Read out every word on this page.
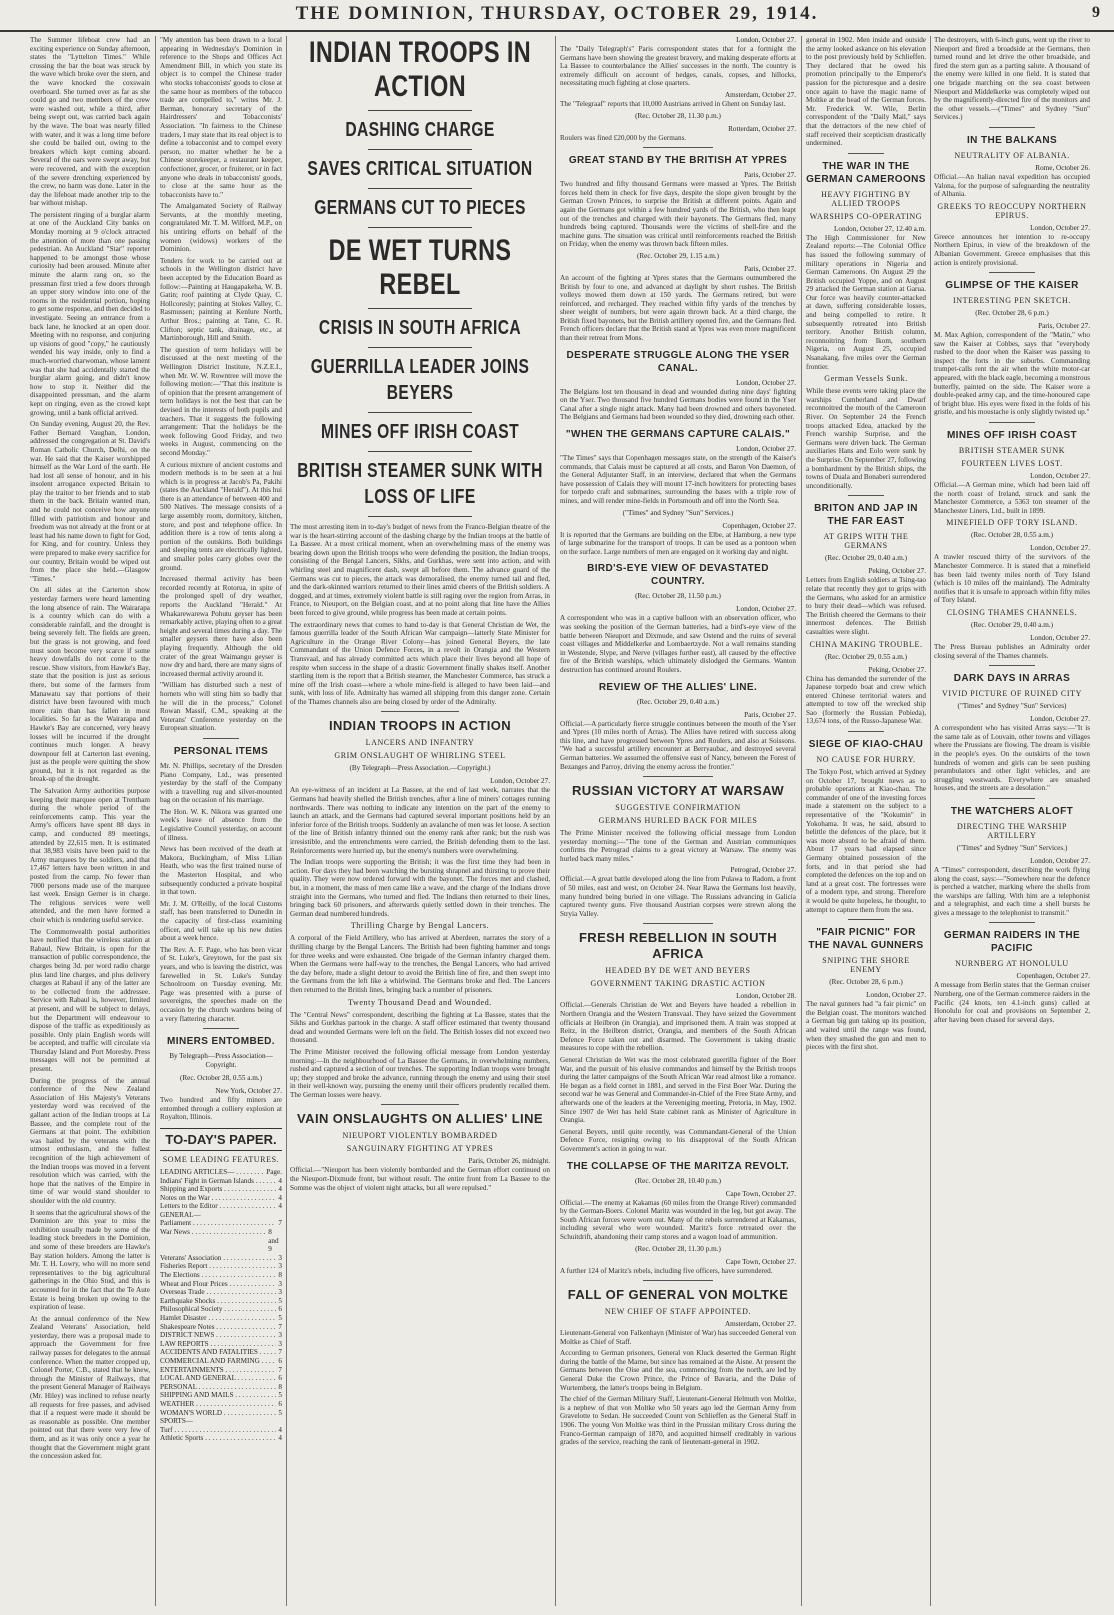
THE DOMINION, THURSDAY, OCTOBER 29, 1914.	9

The Summer lifeboat crew had an exciting experience on Sunday afternoon, states the "Lyttelton Times." While crossing the bar the boat was struck by the wave which broke over the stern, and the wave knocked the coxswain overboard. She turned over as far as she could go and two members of the crew were washed out, while a third, after being swept out, was carried back again by the wave. The boat was nearly filled with water, and it was a long time before she could be bailed out, owing to the breakers which kept coming aboard. Several of the oars were swept away, but were recovered, and with the exception of the severe drenching experienced by the crew, no harm was done. Later in the day the lifeboat made another trip to the bar without mishap.

The persistent ringing of a burglar alarm at one of the Auckland City banks on Monday morning at 9 o'clock attracted the attention of more than one passing pedestrian. An Auckland "Star" reporter happened to be amongst those whose curiosity had been aroused. Minute after minute the alarm rang on, so the pressman first tried a few doors through an upper story window into one of the rooms in the residential portion, hoping to get some response, and then decided to investigate. Seeing an entrance from a back lane, he knocked at an open door. Meeting with no response, and conjuring up visions of good "copy," he cautiously wended his way inside, only to find a much-worried charwoman, whose lament was that she had accidentally started the burglar alarm going, and didn't know how to stop it. Neither did the disappointed pressman, and the alarm kept on ringing, even as the crowd kept growing, until a bank official arrived.

On Sunday evening, August 20, the Rev. Father Bernard Vaughan, London, addressed the congregation at St. David's Roman Catholic Church, Delhi, on the war. He said that the Kaiser worshipped himself as the War Lord of the earth. He had lost all sense of honour, and in his insolent arrogance expected Britain to play the traitor to her friends and to stab them in the back. Britain wanted man, and he could not conceive how anyone filled with patriotism and honour and freedom was not already at the front or at least had his name down to fight for God, for King, and for country. Unless they were prepared to make every sacrifice for our country, Britain would be wiped out from the place she held.—Glasgow "Times."

On all sides at the Carterton show yesterday farmers were heard lamenting the long absence of rain. The Wairarapa is a country which can do with a considerable rainfall, and the drought is being severely felt. The fields are green, but the grass is not growing, and feed must soon become very scarce if some heavy downfalls do not come to the rescue. Show visitors, from Hawke's Bay, state that the position is just as serious there, but some of the farmers from Manawatu say that portions of their district have been favoured with much more rain than has fallen in most localities. So far as the Wairarapa and Hawke's Bay are concerned, very heavy losses will be incurred if the drought continues much longer. A heavy downpour fell at Carterton last evening, just as the people were quitting the show ground, but it is not regarded as the break-up of the drought.

The Salvation Army authorities purpose keeping their marquee open at Trentham during the whole period of the reinforcements camp. This year the Army's officers have spent 88 days in camp, and conducted 89 meetings, attended by 22,615 men. It is estimated that 38,983 visits have been paid to the Army marquees by the soldiers, and that 17,467 letters have been written in and posted from the camp. No fewer than 7000 persons made use of the marquee last week. Ensign Gerner is in charge. The religious services were well attended, and the men have formed a choir which is rendering useful service.

The Commonwealth postal authorities have notified that the wireless station at Rabaul, New Britain, is open for the transaction of public correspondence, the charges being 3d. per word radio charge plus land line charges, and plus delivery charges at Rabaul if any of the latter are to be collected from the addressee. Service with Rabaul is, however, limited at present, and will be subject to delays, but the Department will endeavour to dispose of the traffic as expeditiously as possible. Only plain English words will be accepted, and traffic will circulate via Thursday Island and Port Moresby. Press messages will not be permitted at present.

During the progress of the annual conference of the New Zealand Association of His Majesty's Veterans yesterday word was received of the gallant action of the Indian troops at La Bassee, and the complete rout of the Germans at that point. The exhibition was hailed by the veterans with the utmost enthusiasm, and the fullest recognition of the high achievement of the Indian troops was moved in a fervent resolution which was carried, with the hope that the natives of the Empire in time of war would stand shoulder to shoulder with the old country.

It seems that the agricultural shows of the Dominion are this year to miss the exhibition usually made by some of the leading stock breeders in the Dominion, and some of these breeders are Hawke's Bay station holders. Among the latter is Mr. T. H. Lowry, who will no more send representatives to the big agricultural gatherings in the Ohio Stud, and this is accounted for in the fact that the Te Aute Estate is being broken up owing to the expiration of lease.

At the annual conference of the New Zealand Veterans' Association, held yesterday, there was a proposal made to approach the Government for free railway passes for delegates to the annual conference. When the matter cropped up, Colonel Porter, C.B., stated that he knew, through the Minister of Railways, that the present General Manager of Railways (Mr. Hiley) was inclined to refuse nearly all requests for free passes, and advised that if a request were made it should be as reasonable as possible. One member pointed out that there were very few of them, and as it was only once a year he thought that the Government might grant the concession asked for.

"My attention has been drawn to a local appearing in Wednesday's Dominion in reference to the Shops and Offices Act Amendment Bill, in which you state its object is to compel the Chinese trader who stocks tobacconists' goods to close at the same hour as members of the tobacco trade are compelled to," writes Mr. J. Berman, honorary secretary of the Hairdressers' and Tobacconists' Association. "In fairness to the Chinese traders, I may state that its real object is to define a tobacconist and to compel every person, no matter whether he be a Chinese storekeeper, a restaurant keeper, confectioner, grocer, or fruiterer, or in fact anyone who deals in tobacconists' goods, to close at the same hour as the tobacconists have to."

The Amalgamated Society of Railway Servants, at the monthly meeting, congratulated Mr. T. M. Wilford, M.P., on his untiring efforts on behalf of the women (widows) workers of the Dominion.

Tenders for work to be carried out at schools in the Wellington district have been accepted by the Education Board as follow:—Painting at Haugapakeha, W. B. Gatin; roof painting at Clyde Quay, C. Hollcoresly; painting at Stokes Valley, C. Rasmussen; painting at Kenlure North, Arthur Bros.; painting at Tane, C. R. Clifton; septic tank, drainage, etc., at Martinborough, Hill and Smith.

The question of term holidays will be discussed at the next meeting of the Wellington District Institute, N.Z.E.I., when Mr. W. W. Rowntree will move the following motion:—"That this institute is of opinion that the present arrangement of term holidays is not the best that can be devised in the interests of both pupils and teachers. That it suggests the following arrangement: That the holidays be the week following Good Friday, and two weeks in August, commencing on the second Monday."

A curious mixture of ancient customs and modern methods is to be seen at a hui which is in progress at Jacob's Pa, Pakihi (states the Auckland "Herald"). At this hui there is an attendance of between 400 and 500 Natives. The message consists of a large assembly room, dormitory, kitchen, store, and post and telephone office. In addition there is a row of tents along a portion of the outskirts. Both buildings and sleeping tents are electrically lighted, and smaller poles carry globes over the ground.

Increased thermal activity has been recorded recently at Rotorua, in spite of the prolonged spell of dry weather, reports the Auckland "Herald." At Whakarewarewa Pohutu geyser has been remarkably active, playing often to a great height and several times during a day. The smaller geysers there have also been playing frequently. Although the old crater of the great Waimangu geyser is now dry and hard, there are many signs of increased thermal activity around it.

"William has disturbed such a nest of hornets who will sting him so badly that he will die in the process," Colonel Rowan Massif, C.M., speaking at the Veterans' Conference yesterday on the European situation.

PERSONAL ITEMS

Mr. N. Phillips, secretary of the Dresden Piano Company, Ltd., was presented yesterday by the staff of the Company with a travelling rug and silver-mounted bag on the occasion of his marriage.

The Hon. W. K. Nikora was granted one week's leave of absence from the Legislative Council yesterday, on account of illness.

News has been received of the death at Makora, Buckingham, of Miss Lilian Heath, who was the first trained nurse of the Masterton Hospital, and who subsequently conducted a private hospital in that town.

Mr. J. M. O'Reilly, of the local Customs staff, has been transferred to Dunedin in the capacity of first-class examining officer, and will take up his new duties about a week hence.

The Rev. A. F. Page, who has been vicar of St. Luke's, Greytown, for the past six years, and who is leaving the district, was farewelled in St. Luke's Sunday Schoolroom on Tuesday evening. Mr. Page was presented with a purse of sovereigns, the speeches made on the occasion by the church wardens being of a very flattering character.

MINERS ENTOMBED.

By Telegraph—Press Association—Copyright.

(Rec. October 28, 0.55 a.m.)

New York, October 27.

Two hundred and fifty miners are entombed through a colliery explosion at Royalton, Illinois.

TO-DAY'S PAPER.
SOME LEADING FEATURES.
LEADING ARTICLES— . . .	Page.
Indians' Fight in German Islands . . .	4
Shipping and Exports . . .	4
Notes on the War . . .	4
Letters to the Editor . . .	4
GENERAL—
Parliament . . .	7
War News . . .	8 and 9
Veterans' Association . . .	3
Fisheries Report . . .	3
The Elections . . .	8
Wheat and Flour Prices . . .	3
Overseas Trade . . .	3
Earthquake Shocks . . .	5
Philosophical Society . . .	6
Hamlet Disaster . . .	5
Shakespeare Notes . . .	7
DISTRICT NEWS . . .	3
LAW REPORTS . . .	3
ACCIDENTS AND FATALITIES . . .	7
COMMERCIAL AND FARMING . . .	6
ENTERTAINMENTS . . .	7
LOCAL AND GENERAL . . .	6
PERSONAL . . .	8
SHIPPING AND MAILS . . .	5
WEATHER . . .	6
WOMAN'S WORLD . . .	5
SPORTS—
Turf . . .	4
Athletic Sports . . .	4
INDIAN TROOPS IN ACTION
DASHING CHARGE
SAVES CRITICAL SITUATION
GERMANS CUT TO PIECES
DE WET TURNS REBEL
CRISIS IN SOUTH AFRICA
GUERRILLA LEADER JOINS BEYERS
MINES OFF IRISH COAST
BRITISH STEAMER SUNK WITH LOSS OF LIFE

The most arresting item in to-day's budget of news from the Franco-Belgian theatre of the war is the heart-stirring account of the dashing charge by the Indian troops at the battle of La Bassee. At a most critical moment, when an overwhelming mass of the enemy was bearing down upon the British troops who were defending the position, the Indian troops, consisting of the Bengal Lancers, Sikhs, and Gurkhas, were sent into action, and with whirling steel and magnificent dash, swept all before them. The advance guard of the Germans was cut to pieces, the attack was demoralised, the enemy turned tail and fled, and the dark-skinned warriors returned to their lines amid cheers of the British soldiers. A dogged, and at times, extremely violent battle is still raging over the region from Arras, in France, to Nieuport, on the Belgian coast, and at no point along that line have the Allies been forced to give ground, while progress has been made at certain points.

The extraordinary news that comes to hand to-day is that General Christian de Wet, the famous guerrilla leader of the South African War campaign—latterly State Minister for Agriculture in the Orange River Colony—has joined General Beyers, the late Commandant of the Union Defence Forces, in a revolt in Orangia and the Western Transvaal, and has already committed acts which place their lives beyond all hope of respite when success in the shape of a drastic Government finally shakes itself. Another startling item is the report that a British steamer, the Manchester Commerce, has struck a mine off the Irish coast—where a whole mine-field is alleged to have been laid—and sunk, with loss of life. Admiralty has warned all shipping from this danger zone. Certain of the Thames channels also are being closed by order of the Admiralty.

INDIAN TROOPS IN ACTION
LANCERS AND INFANTRY
GRIM ONSLAUGHT OF WHIRLING STEEL

(By Telegraph—Press Association.—Copyright.)

London, October 27.

An eye-witness of an incident at La Bassee, at the end of last week, narrates that the Germans had heavily shelled the British trenches, after a line of miners' cottages running northwards. There was nothing to indicate any intention on the part of the enemy to launch an attack, and the Germans had captured several important positions held by an inferior force of the British troops. Suddenly an avalanche of men was let loose. A section of the line of British infantry thinned out the enemy rank after rank; but the rush was irresistible, and the entrenchments were carried, the British defending them to the last. Reinforcements were hurried up, but the enemy's numbers were overwhelming.

The Indian troops were supporting the British; it was the first time they had been in action. For days they had been watching the bursting shrapnel and thirsting to prove their quality. They were now ordered forward with the bayonet. The forces met and clashed, but, in a moment, the mass of men came like a wave, and the charge of the Indians drove straight into the Germans, who turned and fled. The Indians then returned to their lines, bringing back 60 prisoners, and afterwards quietly settled down in their trenches. The German dead numbered hundreds.

Thrilling Charge by Bengal Lancers.

A corporal of the Field Artillery, who has arrived at Aberdeen, narrates the story of a thrilling charge by the Bengal Lancers. The British had been fighting hammer and tongs for three weeks and were exhausted. One brigade of the German infantry charged them. When the Germans were half-way to the trenches, the Bengal Lancers, who had arrived the day before, made a slight detour to avoid the British line of fire, and then swept into the Germans from the left like a whirlwind. The Germans broke and fled. The Lancers then returned to the British lines, bringing back a number of prisoners.

Twenty Thousand Dead and Wounded.

The "Central News" correspondent, describing the fighting at La Bassee, states that the Sikhs and Gurkhas partook in the charge. A staff officer estimated that twenty thousand dead and wounded Germans were left on the field. The British losses did not exceed two thousand.

The Prime Minister received the following official message from London yesterday morning:—In the neighbourhood of La Bassee the Germans, in overwhelming numbers, rushed and captured a section of our trenches. The supporting Indian troops were brought up; they stopped and broke the advance, running through the enemy and using their steel in their well-known way, pursuing the enemy until their officers prudently recalled them. The German losses were heavy.

VAIN ONSLAUGHTS ON ALLIES' LINE
NIEUPORT VIOLENTLY BOMBARDED
SANGUINARY FIGHTING AT YPRES

Paris, October 26, midnight.

Official.—"Nieuport has been violently bombarded and the German effort continued on the Nieuport-Dixmude front, but without result. The entire front from La Bassee to the Somme was the object of violent night attacks, but all were repulsed."

London, October 27.

The "Daily Telegraph's" Paris correspondent states that for a fortnight the Germans have been showing the greatest bravery, and making desperate efforts at La Bassee to counterbalance the Allies' successes in the north. The country is extremely difficult on account of hedges, canals, copses, and hillocks, necessitating much fighting at close quarters.

Amsterdam, October 27.

The "Telegraaf" reports that 10,000 Austrians arrived in Ghent on Sunday last.

(Rec. October 28, 11.30 p.m.)

Rotterdam, October 27.

Roulers was fined £20,000 by the Germans.

GREAT STAND BY THE BRITISH AT YPRES

Paris, October 27.

Two hundred and fifty thousand Germans were massed at Ypres. The British forces held them in check for five days, despite the slope given brought by the German Crown Princes, to surprise the British at different points. Again and again the Germans got within a few hundred yards of the British, who then leapt out of the trenches and charged with their bayonets. The Germans fled, many hundreds being captured. Thousands were the victims of shell-fire and the machine guns. The situation was critical until reinforcements reached the British on Friday, when the enemy was thrown back fifteen miles.

(Rec. October 29, 1.15 a.m.)

Paris, October 27.

An account of the fighting at Ypres states that the Germans outnumbered the British by four to one, and advanced at daylight by short rushes. The British volleys mowed them down at 150 yards. The Germans retired, but were reinforced, and recharged. They reached within fifty yards of the trenches by sheer weight of numbers, but were again thrown back. At a third charge, the British fixed bayonets, but the British artillery opened fire, and the Germans fled. French officers declare that the British stand at Ypres was even more magnificent than their retreat from Mons.

DESPERATE STRUGGLE ALONG THE YSER CANAL.

London, October 27.

The Belgians lost ten thousand in dead and wounded during nine days' fighting on the Yser. Two thousand five hundred Germans bodies were found in the Yser Canal after a single night attack. Many had been drowned and others bayoneted. The Belgians and Germans had been wounded so they died, drowning each other.

"WHEN THE GERMANS CAPTURE CALAIS."

London, October 27.

"The Times" says that Copenhagen messages state, on the strength of the Kaiser's commands, that Calais must be captured at all costs, and Baron Von Daemon, of the General Adjutanter Staff, in an interview, declared that when the Germans have possession of Calais they will mount 17-inch howitzers for protecting bases for torpedo craft and submarines, surrounding the bases with a triple row of mines, and will render mine-fields in Portsmouth and off into the North Sea.

("Times" and Sydney "Sun" Services.)

Copenhagen, October 27.

It is reported that the Germans are building on the Elbe, at Hamburg, a new type of large submarine for the transport of troops. It can be used as a pontoon when on the surface. Large numbers of men are engaged on it working day and night.

BIRD'S-EYE VIEW OF DEVASTATED COUNTRY.

(Rec. October 28, 11.50 p.m.)

London, October 27.

A correspondent who was in a captive balloon with an observation officer, who was seeking the position of the German batteries, had a bird's-eye view of the battle between Nieuport and Dixmude, and saw Ostend and the ruins of several coast villages and Middelkerke and Lombaertzyde. Not a wall remains standing in Westende, Slype, and Nerve (villages further east), all caused by the effective fire of the British warships, which ultimately dislodged the Germans. Wanton destruction has continued around Roulers.

REVIEW OF THE ALLIES' LINE.

(Rec. October 29, 0.40 a.m.)

Paris, October 27.

Official.—A particularly fierce struggle continues between the mouth of the Yser and Ypres (10 miles north of Arras). The Allies have retired with success along this line, and have progressed between Ypres and Roulers, and also at Soissons. "We had a successful artillery encounter at Berryaubac, and destroyed several German batteries. We assumed the offensive east of Nancy, between the Forest of Bezanges and Parroy, driving the enemy across the frontier."

RUSSIAN VICTORY AT WARSAW
SUGGESTIVE CONFIRMATION
GERMANS HURLED BACK FOR MILES

The Prime Minister received the following official message from London yesterday morning:—"The tone of the German and Austrian communiques confirms the Petrograd claims to a great victory at Warsaw. The enemy was hurled back many miles."

Petrograd, October 27.

Official.—A great battle developed along the line from Pulawa to Radom, a front of 50 miles, east and west, on October 24. Near Rawa the Germans lost heavily, many hundred being buried in one village. The Russians advancing in Galicia captured twenty guns. Five thousand Austrian corpses were strewn along the Stryia Valley.

FRESH REBELLION IN SOUTH AFRICA
HEADED BY DE WET AND BEYERS
GOVERNMENT TAKING DRASTIC ACTION

London, October 28.

Official.—Generals Christian de Wet and Beyers have headed a rebellion in Northern Orangia and the Western Transvaal. They have seized the Government officials at Heilbron (in Orangia), and imprisoned them. A train was stopped at Reitz, in the Heilbron district, Orangia, and members of the South African Defence Force taken out and disarmed. The Government is taking drastic measures to cope with the rebellion.

General Christian de Wet was the most celebrated guerrilla fighter of the Boer War, and the pursuit of his elusive commandos and himself by the British troops during the latter campaigns of the South African War read almost like a romance. He began as a field cornet in 1881, and served in the First Boer War. During the second war he was General and Commander-in-Chief of the Free State Army, and afterwards one of the leaders at the Vereeniging meeting, Pretoria, in May, 1902. Since 1907 de Wet has held State cabinet rank as Minister of Agriculture in Orangia.

General Beyers, until quite recently, was Commandant-General of the Union Defence Force, resigning owing to his disapproval of the South African Government's action in going to war.

THE COLLAPSE OF THE MARITZA REVOLT.

(Rec. October 28, 10.40 p.m.)

Cape Town, October 27.

Official.—The enemy at Kakamas (60 miles from the Orange River) commanded by the German-Boers. Colonel Maritz was wounded in the leg, but got away. The South African forces were worn out. Many of the rebels surrendered at Kakamas, including several who were wounded. Maritz's force retreated over the Schuitdrift, abandoning their camp stores and a wagon load of ammunition.

(Rec. October 28, 11.30 p.m.)

Cape Town, October 27.

A further 124 of Maritz's rebels, including five officers, have surrendered.

FALL OF GENERAL VON MOLTKE
NEW CHIEF OF STAFF APPOINTED.

Amsterdam, October 27.

Lieutenant-General von Falkenhayn (Minister of War) has succeeded General von Moltke as Chief of Staff.

According to German prisoners, General von Kluck deserted the German Right during the battle of the Marne, but since has remained at the Aisne. At present the Germans between the Oise and the sea, commencing from the north, are led by General Duke the Crown Prince, the Prince of Bavaria, and the Duke of Wurtemberg, the latter's troops being in Belgium.

The chief of the German Military Staff, Lieutenant-General Helmuth von Moltke, is a nephew of that von Moltke who 50 years ago led the German Army from Gravelotte to Sedan. He succeeded Count von Schlieffen as the General Staff in 1906. The young Von Moltke was third in the Prussian military Cross during the Franco-German campaign of 1870, and acquitted himself creditably in various grades of the service, reaching the rank of lieutenant-general in 1902.

general in 1902. Men inside and outside the army looked askance on his elevation to the post previously held by Schlieffen. They declared that he owed his promotion principally to the Emperor's passion for the picturesque and a desire once again to have the magic name of Moltke at the head of the German forces. Mr. Frederick W. Wile, Berlin correspondent of the "Daily Mail," says that the detractors of the new chief of staff received their scepticism drastically undermined.

THE WAR IN THE GERMAN CAMEROONS
HEAVY FIGHTING BY ALLIED TROOPS
WARSHIPS CO-OPERATING

London, October 27, 12.40 a.m.

The High Commissioner for New Zealand reports:—The Colonial Office has issued the following summary of military operations in Nigeria and German Cameroons. On August 29 the British occupied Yoppe, and on August 29 attacked the German station at Garua. Our force was heavily counter-attacked at dawn, suffering considerable losses, and being compelled to retire. It subsequently retreated into British territory. Another British column, reconnoitring from Ikom, southern Nigeria, on August 25, occupied Nsanakang, five miles over the German frontier.

German Vessels Sunk.

While these events were taking place the warships Cumberland and Dwarf reconnoitred the mouth of the Cameroon River. On September 24 the French troops attacked Edea, attacked by the French warship Surprise, and the Germans were driven back. The German auxiliaries Hans and Eolo were sunk by the Surprise. On September 27, following a bombardment by the British ships, the towns of Duala and Bonaberi surrendered unconditionally.

BRITON AND JAP IN THE FAR EAST
AT GRIPS WITH THE GERMANS

(Rec. October 29, 0.40 a.m.)

Peking, October 27.

Letters from English soldiers at Tsing-tao relate that recently they got to grips with the Germans, who asked for an armistice to bury their dead—which was refused. The British cheered the Germans to their innermost defences. The British casualties were slight.

CHINA MAKING TROUBLE.

(Rec. October 29, 0.55 a.m.)

Peking, October 27.

China has demanded the surrender of the Japanese torpedo boat and crew which entered Chinese territorial waters and attempted to tow off the wrecked ship Sao (formerly the Russian Pobieda), 13,674 tons, of the Russo-Japanese War.

SIEGE OF KIAO-CHAU
NO CAUSE FOR HURRY.

The Tokyo Post, which arrived at Sydney on October 17, brought news as to probable operations at Kiao-chau. The commander of one of the investing forces made a statement on the subject to a representative of the "Kokumin" in Yokohama. It was, he said, absurd to belittle the defences of the place, but it was more absurd to be afraid of them. About 17 years had elapsed since Germany obtained possession of the forts, and in that period she had completed the defences on the top and on land at a great cost. The fortresses were of a modern type, and strong. Therefore it would be quite hopeless, he thought, to attempt to capture them from the sea.

"FAIR PICNIC" FOR THE NAVAL GUNNERS
SNIPING THE SHORE ENEMY

(Rec. October 28, 6 p.m.)

London, October 27.

The naval gunners had "a fair picnic" on the Belgian coast. The monitors watched a German big gun taking up its position, and waited until the range was found, when they smashed the gun and men to pieces with the first shot.

The destroyers, with 6-inch guns, went up the river to Nieuport and fired a broadside at the Germans, then turned round and let drive the other broadside, and fired the stern gun as a parting salute. A thousand of the enemy were killed in one field. It is stated that one brigade marching on the sea coast between Nieuport and Middelkerke was completely wiped out by the magnificently-directed fire of the monitors and the other vessels.—("Times" and Sydney "Sun" Services.)

IN THE BALKANS
NEUTRALITY OF ALBANIA.

Rome, October 26.

Official.—An Italian naval expedition has occupied Valona, for the purpose of safeguarding the neutrality of Albania.

GREEKS TO REOCCUPY NORTHERN EPIRUS.

London, October 27.

Greece announces her intention to re-occupy Northern Epirus, in view of the breakdown of the Albanian Government. Greece emphasises that this action is entirely provisional.

GLIMPSE OF THE KAISER
INTERESTING PEN SKETCH.

(Rec. October 28, 6 p.m.)

Paris, October 27.

M. Max Aghion, correspondent of the "Matin," who saw the Kaiser at Cobbes, says that "everybody rushed to the door when the Kaiser was passing to inspect the forts in the suburbs. Commanding trumpet-calls rent the air when the white motor-car appeared, with the black eagle, becoming a monstrous butterfly, painted on the side. The Kaiser wore a double-peaked army cap, and the time-honoured cape of bright blue. His eyes were fixed in the folds of his gristle, and his moustache is only slightly twisted up."

MINES OFF IRISH COAST
BRITISH STEAMER SUNK
FOURTEEN LIVES LOST.

London, October 27.

Official.—A German mine, which had been laid off the north coast of Ireland, struck and sank the Manchester Commerce, a 5363 ton steamer of the Manchester Liners, Ltd., built in 1899.

MINEFIELD OFF TORY ISLAND.

(Rec. October 28, 0.55 a.m.)

London, October 27.

A trawler rescued thirty of the survivors of the Manchester Commerce. It is stated that a minefield has been laid twenty miles north of Tory Island (which is 10 miles off the mainland). The Admiralty notifies that it is unsafe to approach within fifty miles of Tory Island.

CLOSING THAMES CHANNELS.

(Rec. October 29, 0.40 a.m.)

London, October 27.

The Press Bureau publishes an Admiralty order closing several of the Thames channels.

DARK DAYS IN ARRAS
VIVID PICTURE OF RUINED CITY

("Times" and Sydney "Sun" Services)

London, October 27.

A correspondent who has visited Arras says:—"It is the same tale as of Louvain, other towns and villages where the Prussians are flowing. The dream is visible in the people's eyes. On the outskirts of the town hundreds of women and girls can be seen pushing perambulators and other light vehicles, and are struggling westwards. Everywhere are smashed houses, and the streets are a desolation."

THE WATCHERS ALOFT
DIRECTING THE WARSHIP ARTILLERY

("Times" and Sydney "Sun" Services.)

London, October 27.

A "Times" correspondent, describing the work flying along the coast, says:—"Somewhere near the defence is perched a watcher, marking where the shells from the warships are falling. With him are a telephonist and a telegraphist, and each time a shell bursts he gives a message to the telephonist to transmit."

GERMAN RAIDERS IN THE PACIFIC
NURNBERG AT HONOLULU

Copenhagen, October 27.

A message from Berlin states that the German cruiser Nurnberg, one of the German commerce raiders in the Pacific (24 knots, ten 4.1-inch guns) called at Honolulu for coal and provisions on September 2, after having been chased for several days.
